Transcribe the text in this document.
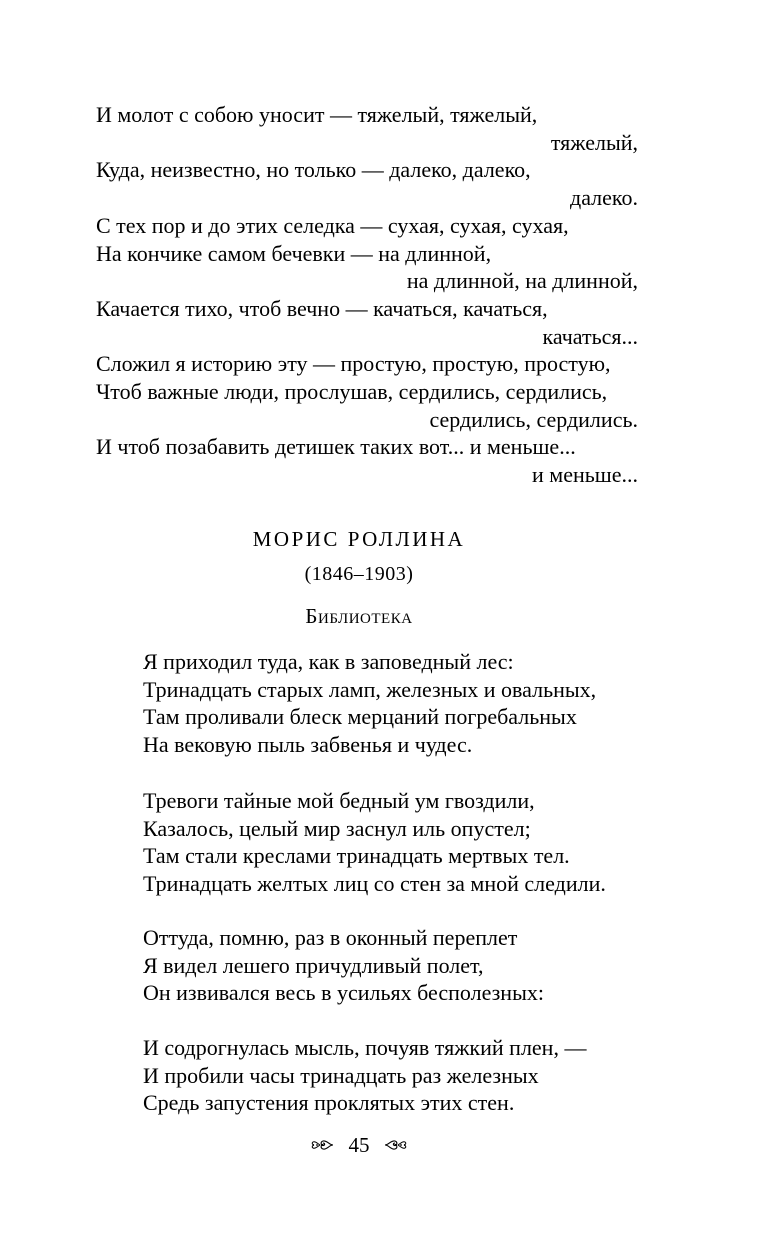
И молот с собою уносит — тяжелый, тяжелый,
тяжелый,
Куда, неизвестно, но только — далеко, далеко,
далеко.
С тех пор и до этих селедка — сухая, сухая, сухая,
На кончике самом бечевки — на длинной,
на длинной, на длинной,
Качается тихо, чтоб вечно — качаться, качаться,
качаться...
Сложил я историю эту — простую, простую, простую,
Чтоб важные люди, прослушав, сердились, сердились,
сердились, сердились.
И чтоб позабавить детишек таких вот... и меньше...
и меньше...
МОРИС РОЛЛИНА
(1846–1903)
Библиотека
Я приходил туда, как в заповедный лес:
Тринадцать старых ламп, железных и овальных,
Там проливали блеск мерцаний погребальных
На вековую пыль забвенья и чудес.
Тревоги тайные мой бедный ум гвоздили,
Казалось, целый мир заснул иль опустел;
Там стали креслами тринадцать мертвых тел.
Тринадцать желтых лиц со стен за мной следили.
Оттуда, помню, раз в оконный переплет
Я видел лешего причудливый полет,
Он извивался весь в усильях бесполезных:
И содрогнулась мысль, почуяв тяжкий плен, —
И пробили часы тринадцать раз железных
Средь запустения проклятых этих стен.
45
